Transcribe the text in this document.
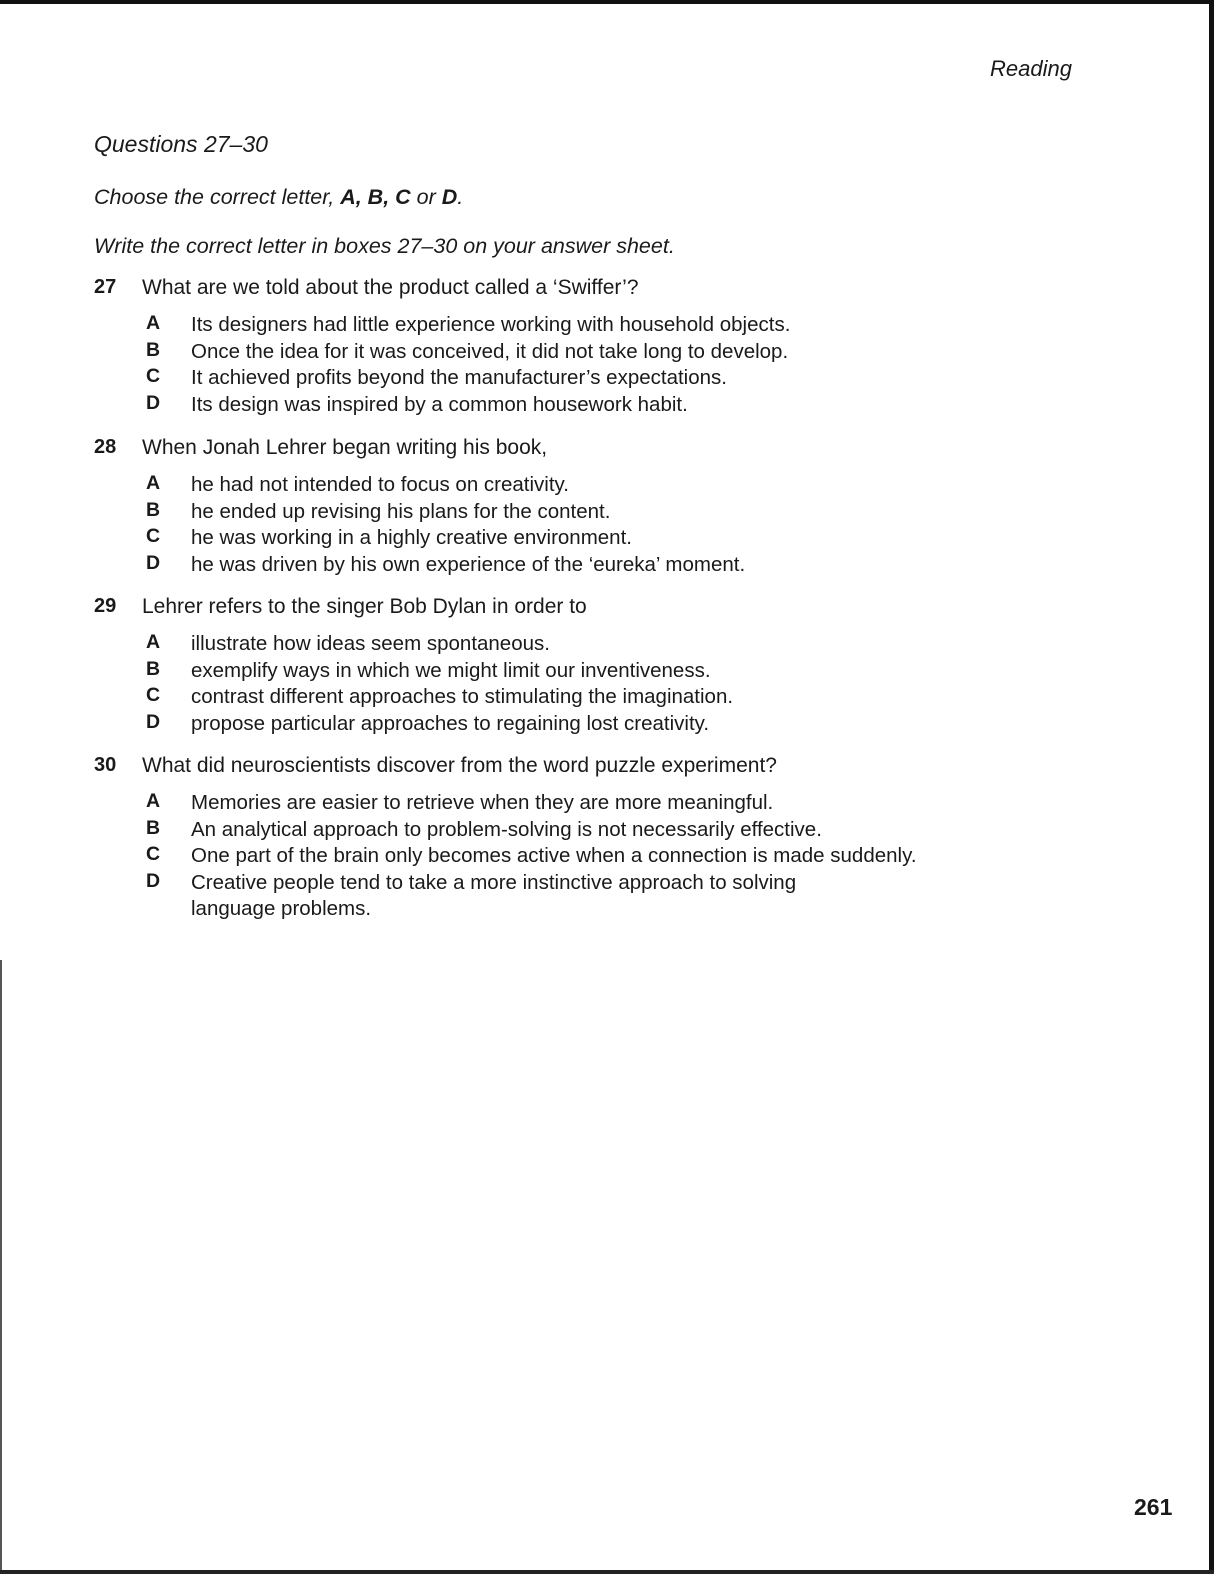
Reading
Questions 27–30
Choose the correct letter, A, B, C or D.
Write the correct letter in boxes 27–30 on your answer sheet.
27 What are we told about the product called a ‘Swiffer’?
A Its designers had little experience working with household objects.
B Once the idea for it was conceived, it did not take long to develop.
C It achieved profits beyond the manufacturer’s expectations.
D Its design was inspired by a common housework habit.
28 When Jonah Lehrer began writing his book,
A he had not intended to focus on creativity.
B he ended up revising his plans for the content.
C he was working in a highly creative environment.
D he was driven by his own experience of the ‘eureka’ moment.
29 Lehrer refers to the singer Bob Dylan in order to
A illustrate how ideas seem spontaneous.
B exemplify ways in which we might limit our inventiveness.
C contrast different approaches to stimulating the imagination.
D propose particular approaches to regaining lost creativity.
30 What did neuroscientists discover from the word puzzle experiment?
A Memories are easier to retrieve when they are more meaningful.
B An analytical approach to problem-solving is not necessarily effective.
C One part of the brain only becomes active when a connection is made suddenly.
D Creative people tend to take a more instinctive approach to solving language problems.
261
